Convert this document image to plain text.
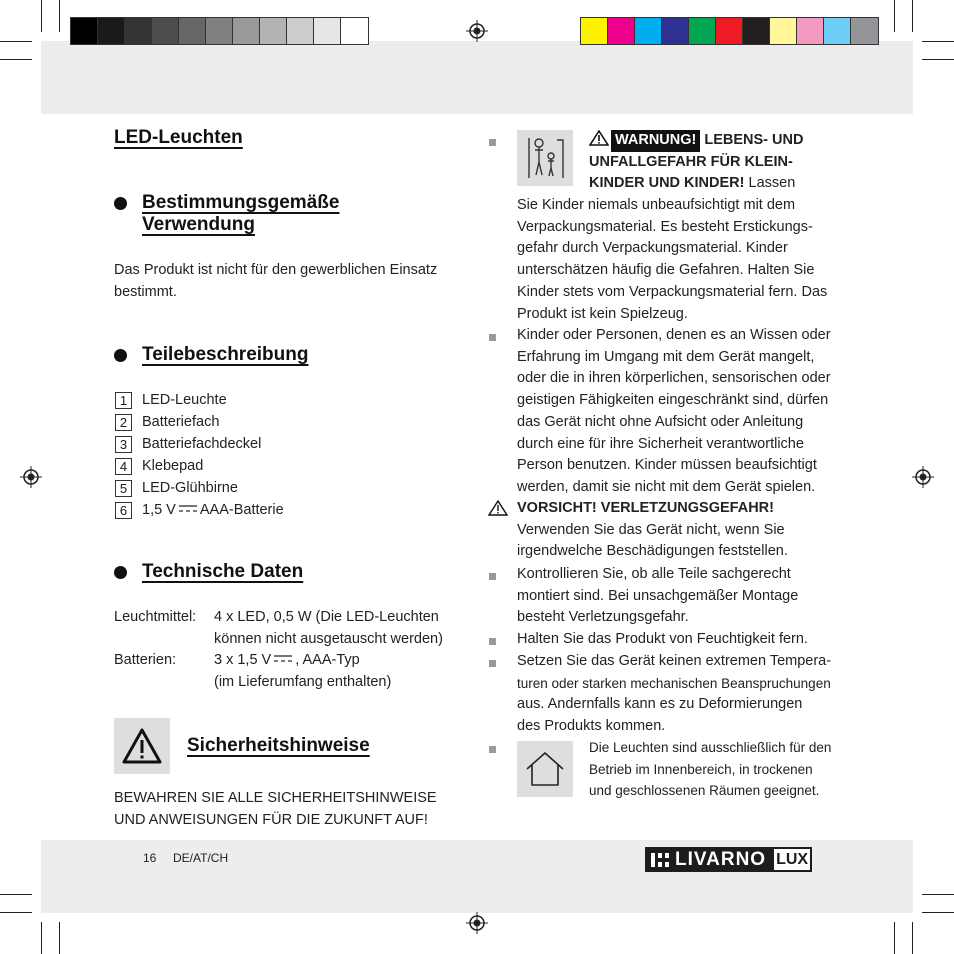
LED-Leuchten
Bestimmungsgemäße
Verwendung
Das Produkt ist nicht für den gewerblichen Einsatz
bestimmt.
Teilebeschreibung
1	LED-Leuchte
2	Batteriefach
3	Batteriefachdeckel
4	Klebepad
5	LED-Glühbirne
6	1,5 V AAA-Batterie
Technische Daten
Leuchtmittel: 4 x LED, 0,5 W (Die LED-Leuchten
können nicht ausgetauscht werden)
Batterien:	3 x 1,5 V , AAA-Typ
(im Lieferumfang enthalten)
Sicherheitshinweise
BEWAHREN SIE ALLE SICHERHEITSHINWEISE
UND ANWEISUNGEN FÜR DIE ZUKUNFT AUF!
WARNUNG! LEBENS- UND
UNFALLGEFAHR FÜR KLEIN-
KINDER UND KINDER! Lassen
Sie Kinder niemals unbeaufsichtigt mit dem
Verpackungsmaterial. Es besteht Erstickungs-
gefahr durch Verpackungsmaterial. Kinder
unterschätzen häufig die Gefahren. Halten Sie
Kinder stets vom Verpackungsmaterial fern. Das
Produkt ist kein Spielzeug.
Kinder oder Personen, denen es an Wissen oder
Erfahrung im Umgang mit dem Gerät mangelt,
oder die in ihren körperlichen, sensorischen oder
geistigen Fähigkeiten eingeschränkt sind, dürfen
das Gerät nicht ohne Aufsicht oder Anleitung
durch eine für ihre Sicherheit verantwortliche
Person benutzen. Kinder müssen beaufsichtigt
werden, damit sie nicht mit dem Gerät spielen.
VORSICHT! VERLETZUNGSGEFAHR!
Verwenden Sie das Gerät nicht, wenn Sie
irgendwelche Beschädigungen feststellen.
Kontrollieren Sie, ob alle Teile sachgerecht
montiert sind. Bei unsachgemäßer Montage
besteht Verletzungsgefahr.
Halten Sie das Produkt von Feuchtigkeit fern.
Setzen Sie das Gerät keinen extremen Tempera-
turen oder starken mechanischen Beanspruchungen
aus. Andernfalls kann es zu Deformierungen
des Produkts kommen.
Die Leuchten sind ausschließlich für den
Betrieb im Innenbereich, in trockenen
und geschlossenen Räumen geeignet.
16 DE/AT/CH	LIVARNO LUX
